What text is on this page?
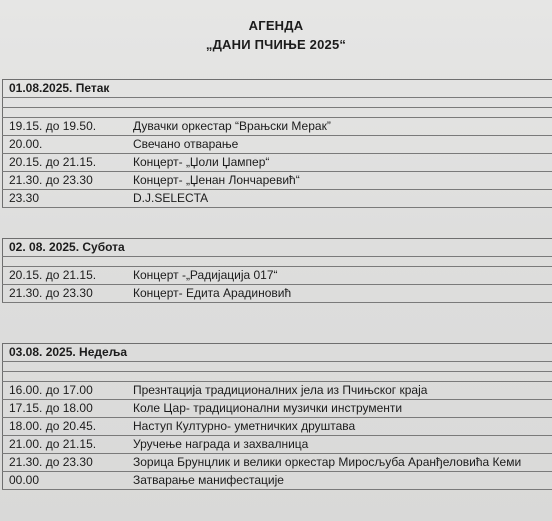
АГЕНДА
„ДАНИ ПЧИЊЕ 2025“
01.08.2025. Петак
19.15. до 19.50.	Дувачки оркестар “Врањски Мерак”
20.00.	Свечано отварање
20.15. до 21.15.	Концерт- „Џоли Џампер“
21.30. до 23.30	Концерт- „Џенан Лончаревић“
23.30	D.J.SELECTA
02. 08. 2025. Субота
20.15. до 21.15.	Концерт -„Радијација 017“
21.30. до 23.30	Концерт- Едита Арадиновић
03.08. 2025. Недеља
16.00. до 17.00	Презнтација традиционалних јела из Пчињског краја
17.15. до 18.00	Коле Цар- традиционални музички инструменти
18.00. до 20.45.	Наступ Културно- уметничких друштава
21.00. до 21.15.	Уручење награда и захвалница
21.30. до 23.30	Зорица Брунцлик и велики оркестар Миросљуба Аранђеловића Кеми
00.00	Затварање манифестације
